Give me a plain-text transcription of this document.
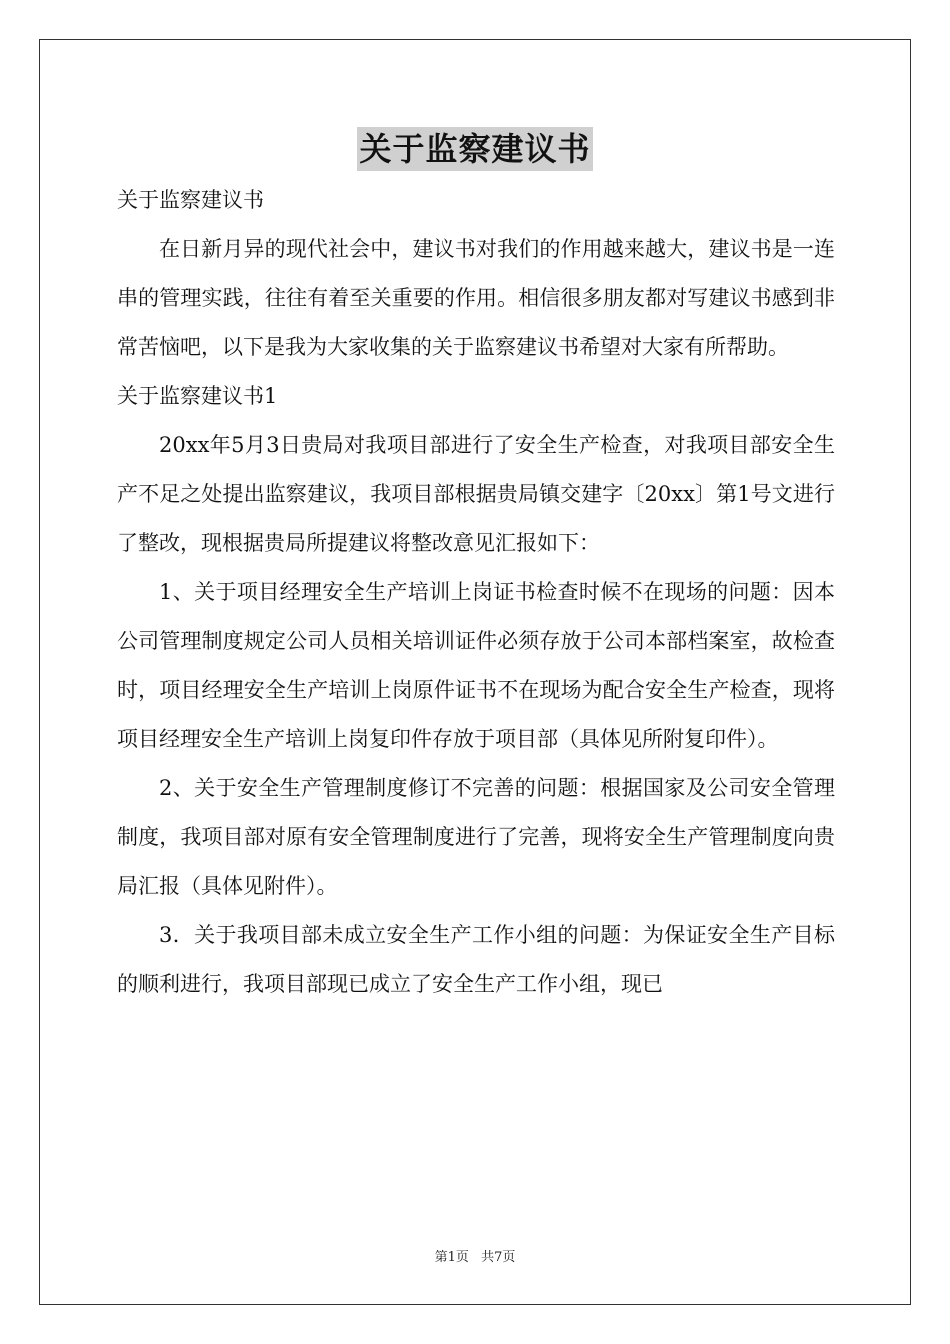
关于监察建议书

关于监察建议书

在日新月异的现代社会中，建议书对我们的作用越来越大，建议书是一连串的管理实践，往往有着至关重要的作用。相信很多朋友都对写建议书感到非常苦恼吧，以下是我为大家收集的关于监察建议书希望对大家有所帮助。

关于监察建议书1

20xx年5月3日贵局对我项目部进行了安全生产检查，对我项目部安全生产不足之处提出监察建议，我项目部根据贵局镇交建字〔20xx〕第1号文进行了整改，现根据贵局所提建议将整改意见汇报如下：

1、关于项目经理安全生产培训上岗证书检查时候不在现场的问题：因本公司管理制度规定公司人员相关培训证件必须存放于公司本部档案室，故检查时，项目经理安全生产培训上岗原件证书不在现场为配合安全生产检查，现将项目经理安全生产培训上岗复印件存放于项目部（具体见所附复印件）。

2、关于安全生产管理制度修订不完善的问题：根据国家及公司安全管理制度，我项目部对原有安全管理制度进行了完善，现将安全生产管理制度向贵局汇报（具体见附件）。

3．关于我项目部未成立安全生产工作小组的问题：为保证安全生产目标的顺利进行，我项目部现已成立了安全生产工作小组，现已

第1页 共7页
